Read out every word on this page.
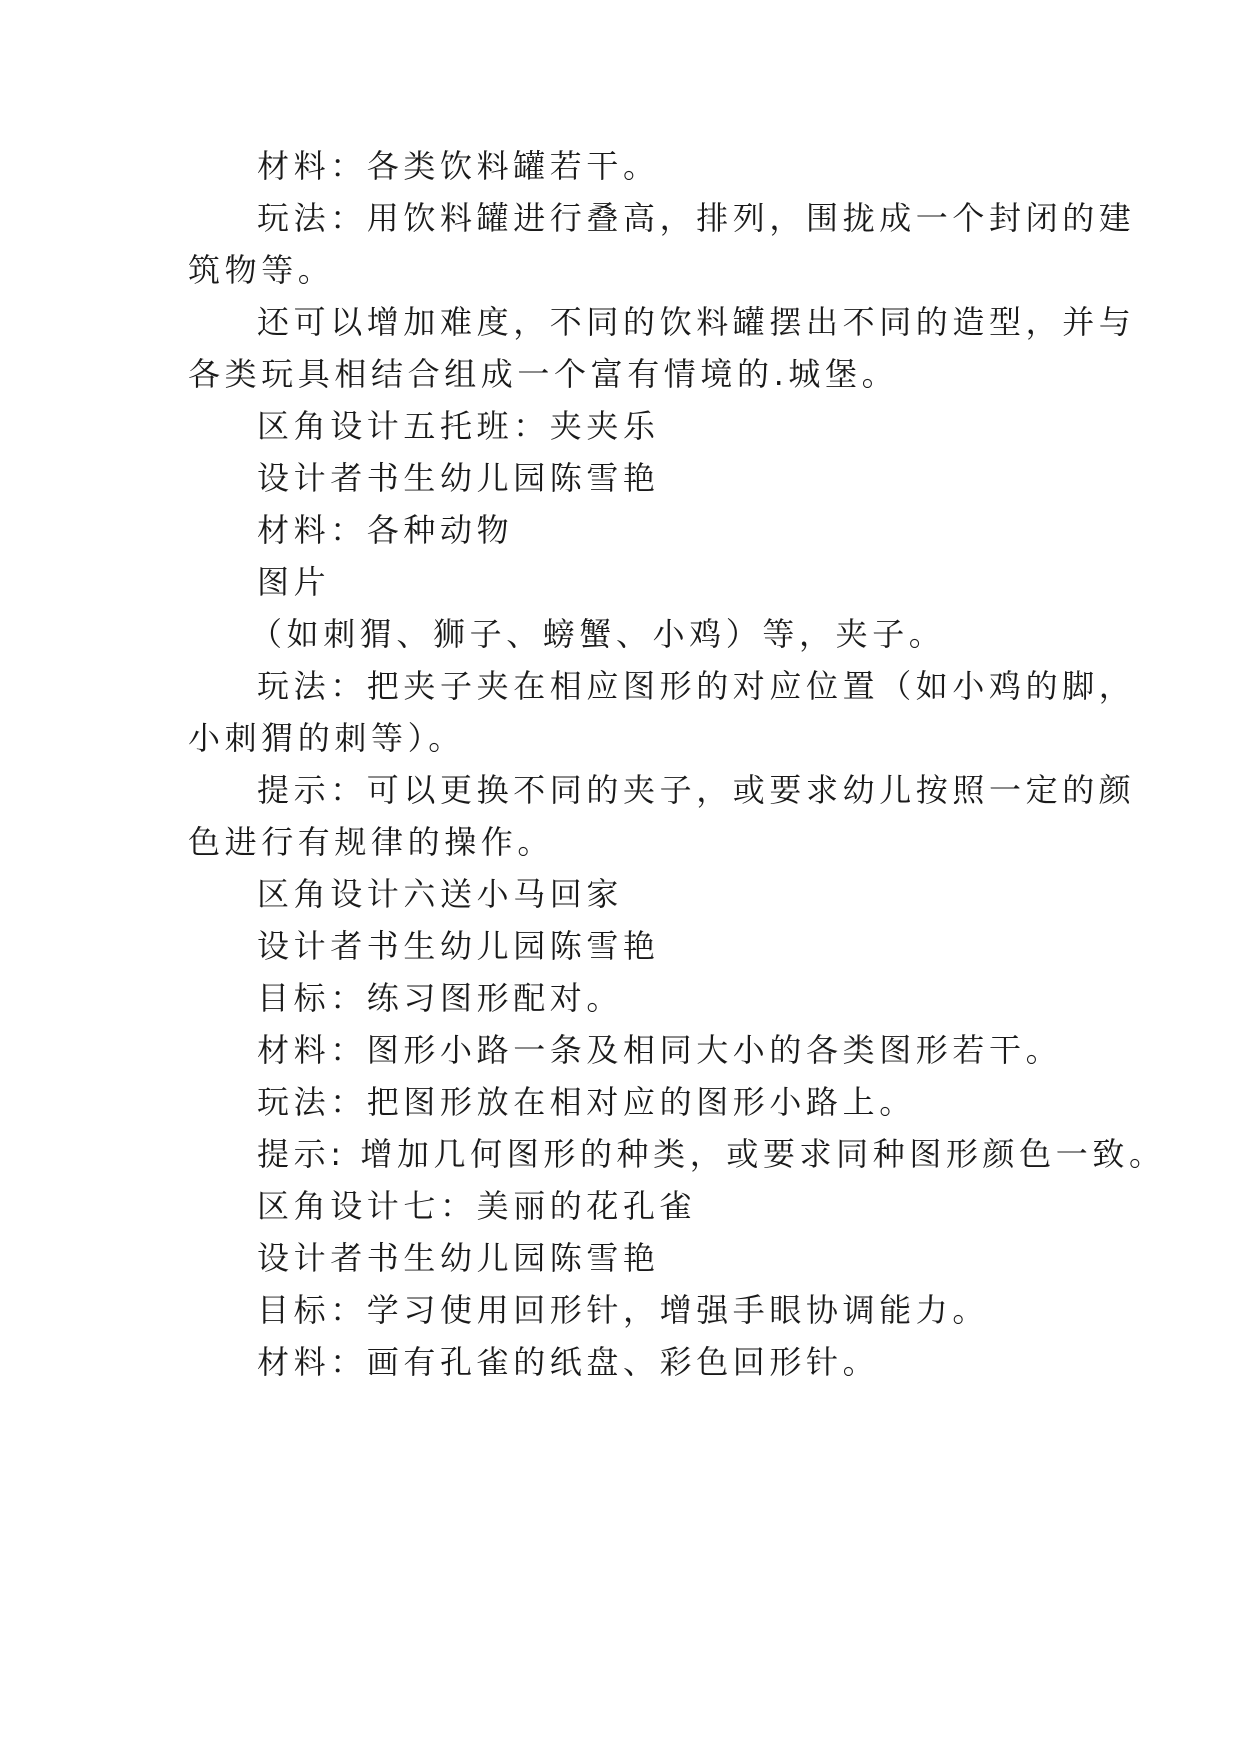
材料：各类饮料罐若干。
玩法：用饮料罐进行叠高，排列，围拢成一个封闭的建
筑物等。
还可以增加难度，不同的饮料罐摆出不同的造型，并与
各类玩具相结合组成一个富有情境的.城堡。
区角设计五托班：夹夹乐
设计者书生幼儿园陈雪艳
材料：各种动物
图片
（如刺猬、狮子、螃蟹、小鸡）等，夹子。
玩法：把夹子夹在相应图形的对应位置（如小鸡的脚，
小刺猬的刺等）。
提示：可以更换不同的夹子，或要求幼儿按照一定的颜
色进行有规律的操作。
区角设计六送小马回家
设计者书生幼儿园陈雪艳
目标：练习图形配对。
材料：图形小路一条及相同大小的各类图形若干。
玩法：把图形放在相对应的图形小路上。
提示: 增加几何图形的种类，或要求同种图形颜色一致。
区角设计七：美丽的花孔雀
设计者书生幼儿园陈雪艳
目标：学习使用回形针，增强手眼协调能力。
材料：画有孔雀的纸盘、彩色回形针。
